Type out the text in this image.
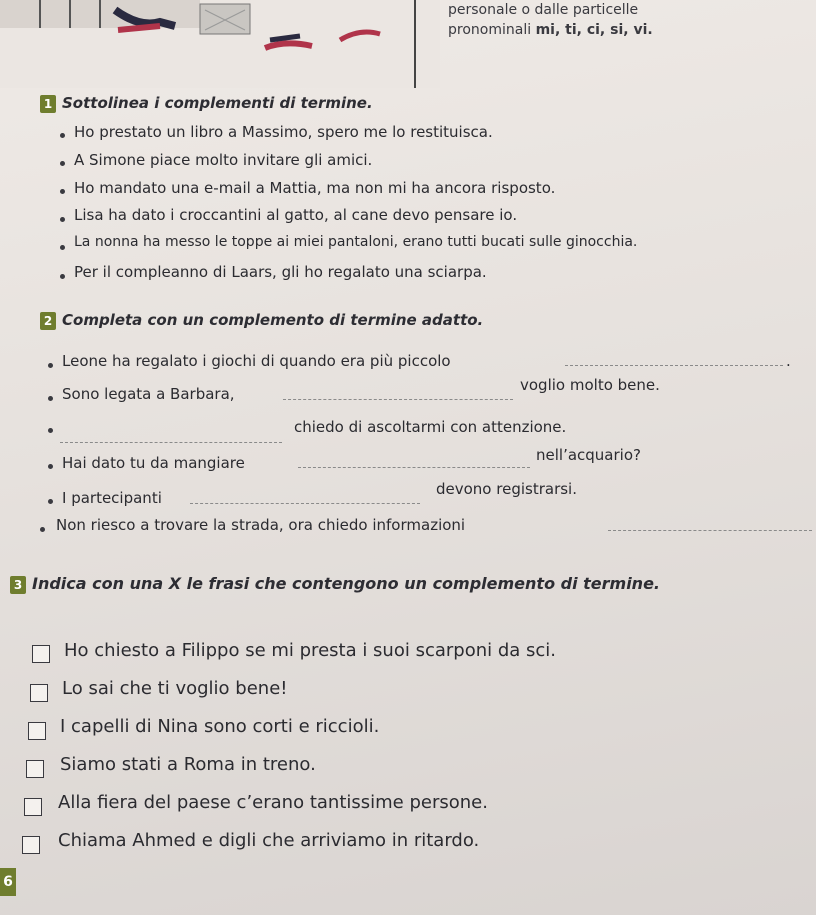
personale o dalle particelle
pronominali mi, ti, ci, si, vi.
1 Sottolinea i complementi di termine.
Ho prestato un libro a Massimo, spero me lo restituisca.
A Simone piace molto invitare gli amici.
Ho mandato una e-mail a Mattia, ma non mi ha ancora risposto.
Lisa ha dato i croccantini al gatto, al cane devo pensare io.
La nonna ha messo le toppe ai miei pantaloni, erano tutti bucati sulle ginocchia.
Per il compleanno di Laars, gli ho regalato una sciarpa.
2 Completa con un complemento di termine adatto.
Leone ha regalato i giochi di quando era più piccolo	.
Sono legata a Barbara,	voglio molto bene.
chiedo di ascoltarmi con attenzione.
Hai dato tu da mangiare	nell’acquario?
I partecipanti	devono registrarsi.
Non riesco a trovare la strada, ora chiedo informazioni
3 Indica con una X le frasi che contengono un complemento di termine.
Ho chiesto a Filippo se mi presta i suoi scarponi da sci.
Lo sai che ti voglio bene!
I capelli di Nina sono corti e riccioli.
Siamo stati a Roma in treno.
Alla fiera del paese c’erano tantissime persone.
Chiama Ahmed e digli che arriviamo in ritardo.
6
